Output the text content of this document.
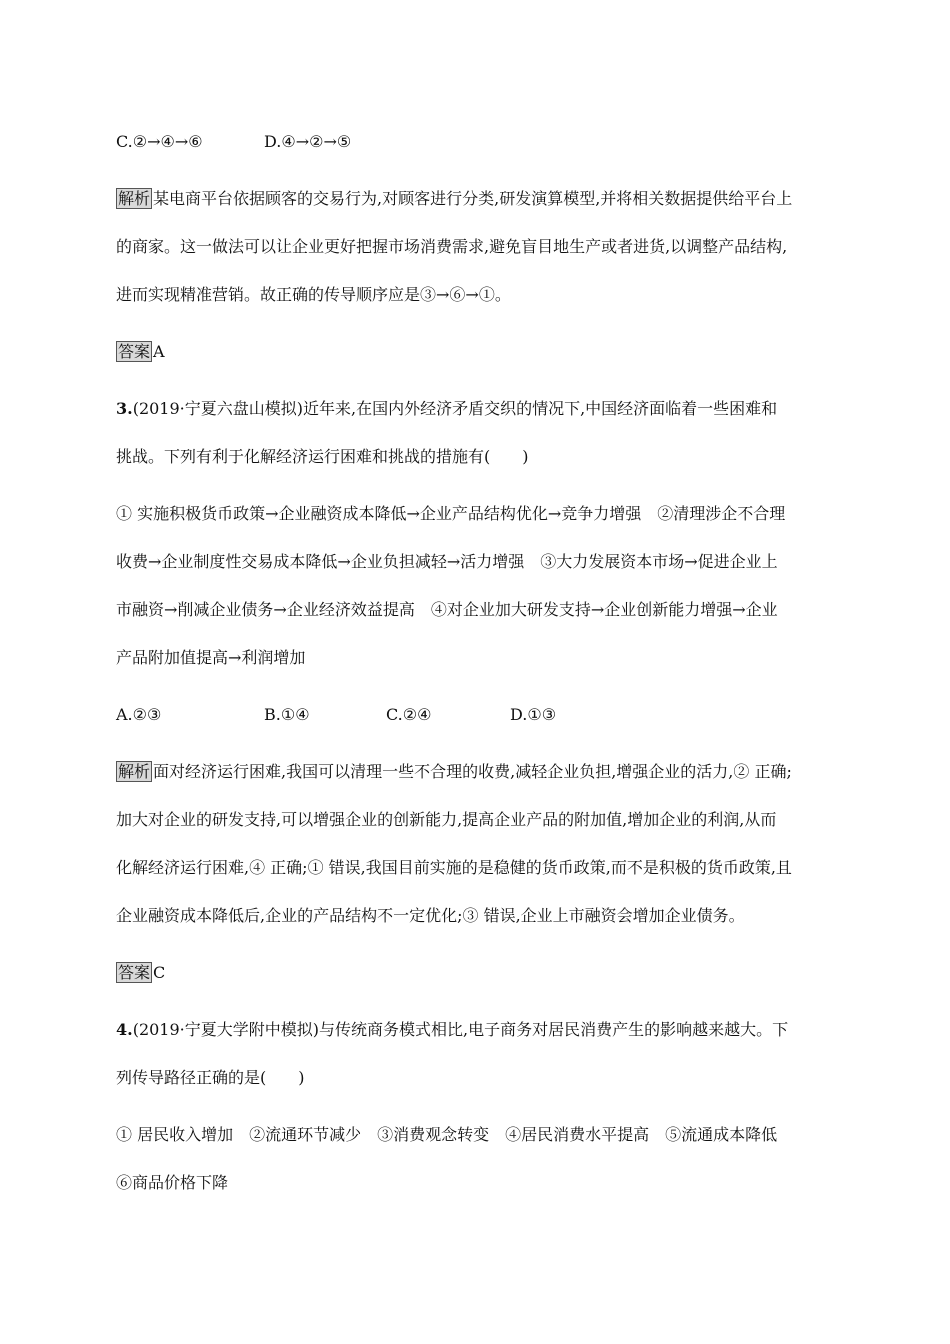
C.②→④→⑥	D.④→②→⑤
解析 某电商平台依据顾客的交易行为,对顾客进行分类,研发演算模型,并将相关数据提供给平台上
的商家。这一做法可以让企业更好把握市场消费需求,避免盲目地生产或者进货,以调整产品结构,
进而实现精准营销。故正确的传导顺序应是③→⑥→①。
答案 A
3.(2019·宁夏六盘山模拟)近年来,在国内外经济矛盾交织的情况下,中国经济面临着一些困难和
挑战。下列有利于化解经济运行困难和挑战的措施有(　　)
① 实施积极货币政策→企业融资成本降低→企业产品结构优化→竞争力增强　②清理涉企不合理
收费→企业制度性交易成本降低→企业负担减轻→活力增强　③大力发展资本市场→促进企业上
市融资→削减企业债务→企业经济效益提高　④对企业加大研发支持→企业创新能力增强→企业
产品附加值提高→利润增加
A.②③	B.①④	C.②④	D.①③
解析 面对经济运行困难,我国可以清理一些不合理的收费,减轻企业负担,增强企业的活力,② 正确;
加大对企业的研发支持,可以增强企业的创新能力,提高企业产品的附加值,增加企业的利润,从而
化解经济运行困难,④ 正确;① 错误,我国目前实施的是稳健的货币政策,而不是积极的货币政策,且
企业融资成本降低后,企业的产品结构不一定优化;③ 错误,企业上市融资会增加企业债务。
答案 C
4.(2019·宁夏大学附中模拟)与传统商务模式相比,电子商务对居民消费产生的影响越来越大。下
列传导路径正确的是(　　)
① 居民收入增加　②流通环节减少　③消费观念转变　④居民消费水平提高　⑤流通成本降低
⑥商品价格下降
